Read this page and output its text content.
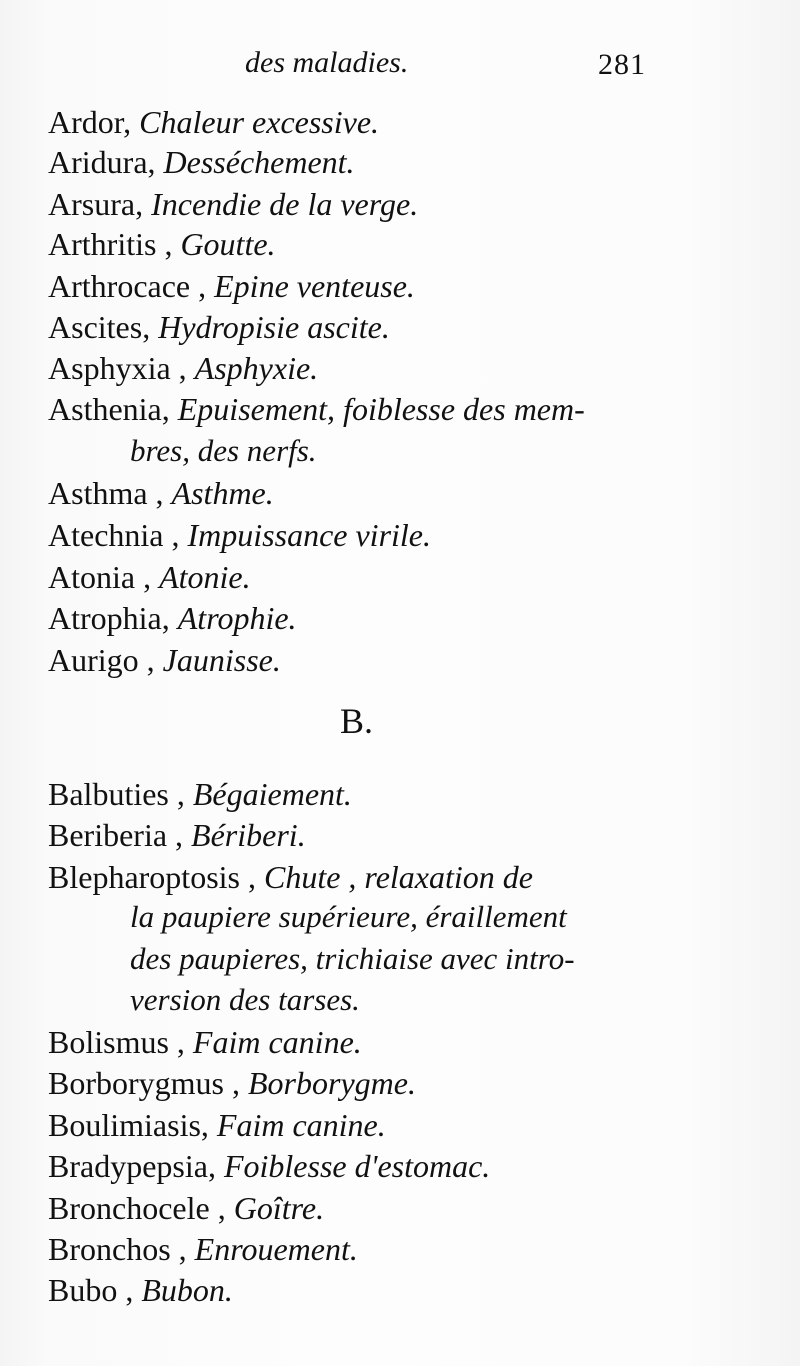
des maladies.	281
Ardor, Chaleur excessive.
Aridura, Desséchement.
Arsura, Incendie de la verge.
Arthritis , Goutte.
Arthrocace , Epine venteuse.
Ascites, Hydropisie ascite.
Asphyxia , Asphyxie.
Asthenia, Epuisement, foiblesse des mem-
bres, des nerfs.
Asthma , Asthme.
Atechnia , Impuissance virile.
Atonia , Atonie.
Atrophia, Atrophie.
Aurigo , Jaunisse.
B.
Balbuties , Bégaiement.
Beriberia , Bériberi.
Blepharoptosis , Chute , relaxation de
la paupiere supérieure, éraillement
des paupieres, trichiaise avec intro-
version des tarses.
Bolismus , Faim canine.
Borborygmus , Borborygme.
Boulimiasis, Faim canine.
Bradypepsia, Foiblesse d'estomac.
Bronchocele , Goître.
Bronchos , Enrouement.
Bubo , Bubon.
